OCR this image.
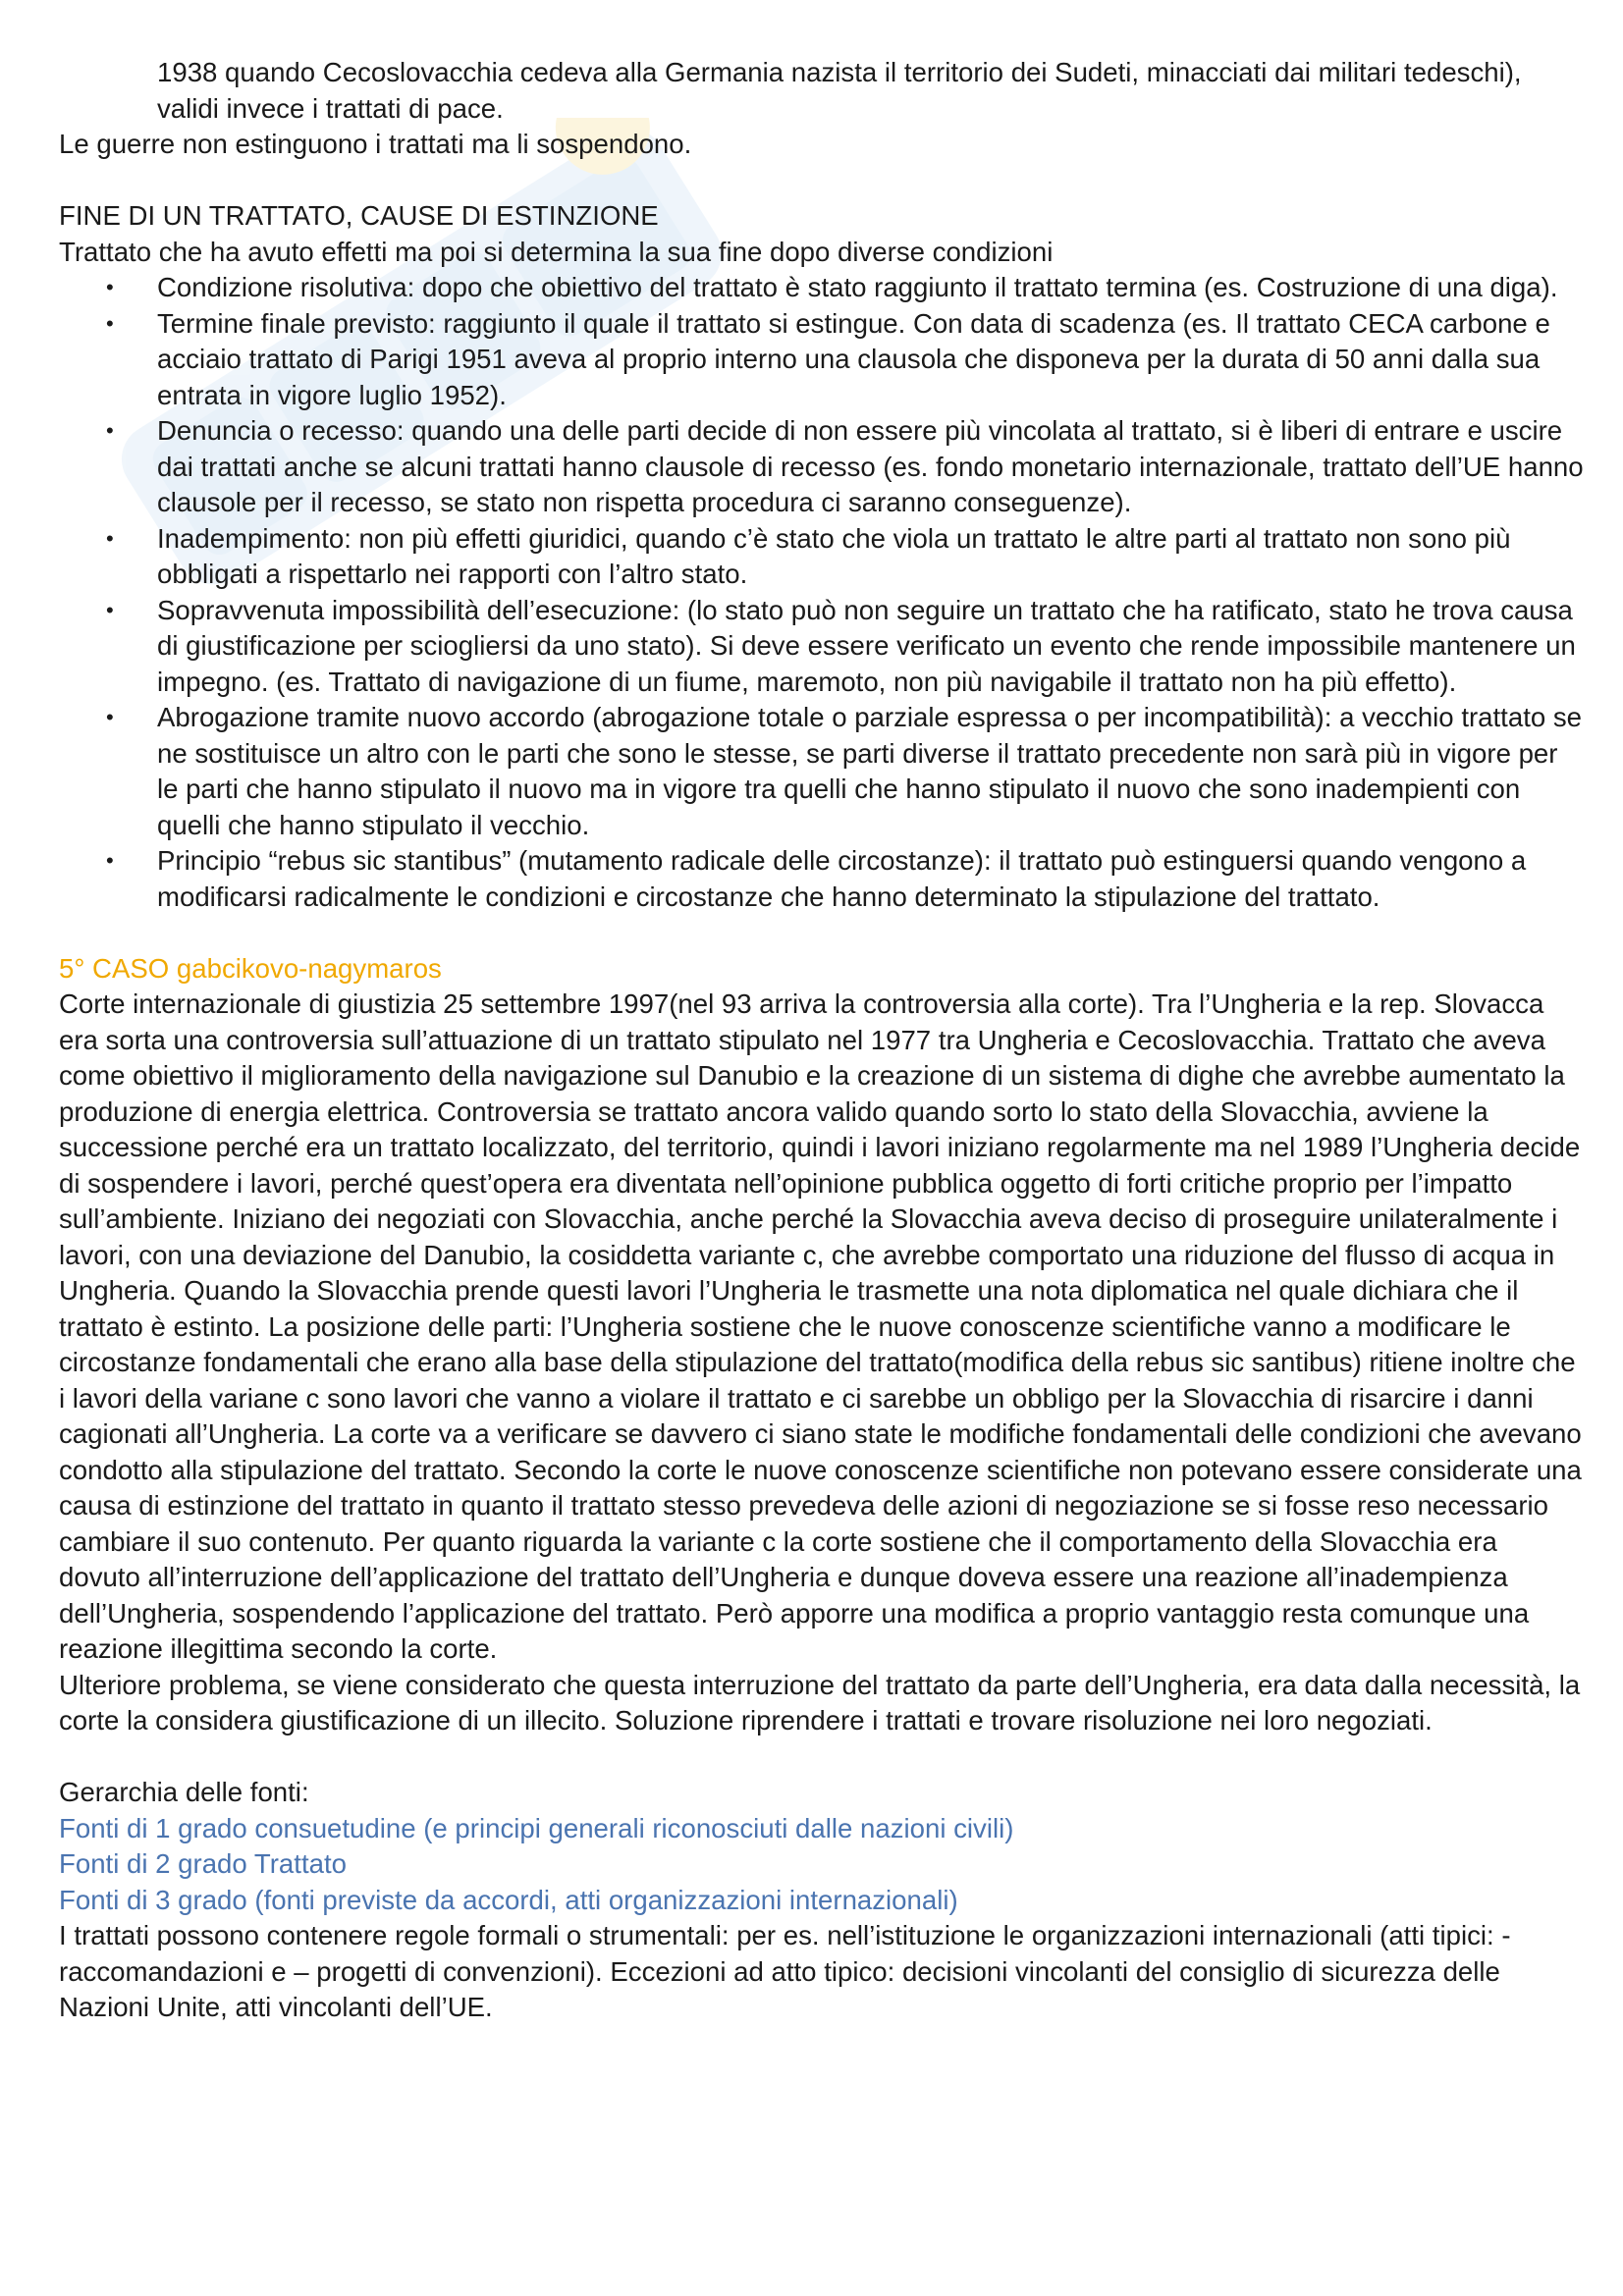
1938 quando Cecoslovacchia cedeva alla Germania nazista il territorio dei Sudeti, minacciati dai militari tedeschi), validi invece i trattati di pace.

Le guerre non estinguono i trattati ma li sospendono.

FINE DI UN TRATTATO, CAUSE DI ESTINZIONE

Trattato che ha avuto effetti ma poi si determina la sua fine dopo diverse condizioni

• Condizione risolutiva: dopo che obiettivo del trattato è stato raggiunto il trattato termina (es. Costruzione di una diga).
• Termine finale previsto: raggiunto il quale il trattato si estingue. Con data di scadenza (es. Il trattato CECA carbone e acciaio trattato di Parigi 1951 aveva al proprio interno una clausola che disponeva per la durata di 50 anni dalla sua entrata in vigore luglio 1952).
• Denuncia o recesso: quando una delle parti decide di non essere più vincolata al trattato, si è liberi di entrare e uscire dai trattati anche se alcuni trattati hanno clausole di recesso (es. fondo monetario internazionale, trattato dell’UE hanno clausole per il recesso, se stato non rispetta procedura ci saranno conseguenze).
• Inadempimento: non più effetti giuridici, quando c’è stato che viola un trattato le altre parti al trattato non sono più obbligati a rispettarlo nei rapporti con l’altro stato.
• Sopravvenuta impossibilità dell’esecuzione: (lo stato può non seguire un trattato che ha ratificato, stato he trova causa di giustificazione per sciogliersi da uno stato). Si deve essere verificato un evento che rende impossibile mantenere un impegno. (es. Trattato di navigazione di un fiume, maremoto, non più navigabile il trattato non ha più effetto).
• Abrogazione tramite nuovo accordo (abrogazione totale o parziale espressa o per incompatibilità): a vecchio trattato se ne sostituisce un altro con le parti che sono le stesse, se parti diverse il trattato precedente non sarà più in vigore per le parti che hanno stipulato il nuovo ma in vigore tra quelli che hanno stipulato il nuovo che sono inadempienti con quelli che hanno stipulato il vecchio.
• Principio “rebus sic stantibus” (mutamento radicale delle circostanze): il trattato può estinguersi quando vengono a modificarsi radicalmente le condizioni e circostanze che hanno determinato la stipulazione del trattato.

5° CASO gabcikovo-nagymaros

Corte internazionale di giustizia 25 settembre 1997(nel 93 arriva la controversia alla corte). Tra l’Ungheria e la rep. Slovacca era sorta una controversia sull’attuazione di un trattato stipulato nel 1977 tra Ungheria e Cecoslovacchia. Trattato che aveva come obiettivo il miglioramento della navigazione sul Danubio e la creazione di un sistema di dighe che avrebbe aumentato la produzione di energia elettrica. Controversia se trattato ancora valido quando sorto lo stato della Slovacchia, avviene la successione perché era un trattato localizzato, del territorio, quindi i lavori iniziano regolarmente ma nel 1989 l’Ungheria decide di sospendere i lavori, perché quest’opera era diventata nell’opinione pubblica oggetto di forti critiche proprio per l’impatto sull’ambiente. Iniziano dei negoziati con Slovacchia, anche perché la Slovacchia aveva deciso di proseguire unilateralmente i lavori, con una deviazione del Danubio, la cosiddetta variante c, che avrebbe comportato una riduzione del flusso di acqua in Ungheria. Quando la Slovacchia prende questi lavori l’Ungheria le trasmette una nota diplomatica nel quale dichiara che il trattato è estinto. La posizione delle parti: l’Ungheria sostiene che le nuove conoscenze scientifiche vanno a modificare le circostanze fondamentali che erano alla base della stipulazione del trattato(modifica della rebus sic santibus) ritiene inoltre che i lavori della varianе c sono lavori che vanno a violare il trattato e ci sarebbe un obbligo per la Slovacchia di risarcire i danni cagionati all’Ungheria. La corte va a verificare se davvero ci siano state le modifiche fondamentali delle condizioni che avevano condotto alla stipulazione del trattato. Secondo la corte le nuove conoscenze scientifiche non potevano essere considerate una causa di estinzione del trattato in quanto il trattato stesso prevedeva delle azioni di negoziazione se si fosse reso necessario cambiare il suo contenuto. Per quanto riguarda la variante c la corte sostiene che il comportamento della Slovacchia era dovuto all’interruzione dell’applicazione del trattato dell’Ungheria e dunque doveva essere una reazione all’inadempienza dell’Ungheria, sospendendo l’applicazione del trattato. Però apporre una modifica a proprio vantaggio resta comunque una reazione illegittima secondo la corte.

Ulteriore problema, se viene considerato che questa interruzione del trattato da parte dell’Ungheria, era data dalla necessità, la corte la considera giustificazione di un illecito. Soluzione riprendere i trattati e trovare risoluzione nei loro negoziati.

Gerarchia delle fonti:

Fonti di 1 grado consuetudine (e principi generali riconosciuti dalle nazioni civili)

Fonti di 2 grado Trattato

Fonti di 3 grado (fonti previste da accordi, atti organizzazioni internazionali)

I trattati possono contenere regole formali o strumentali: per es. nell’istituzione le organizzazioni internazionali (atti tipici: -raccomandazioni e – progetti di convenzioni). Eccezioni ad atto tipico: decisioni vincolanti del consiglio di sicurezza delle Nazioni Unite, atti vincolanti dell’UE.
